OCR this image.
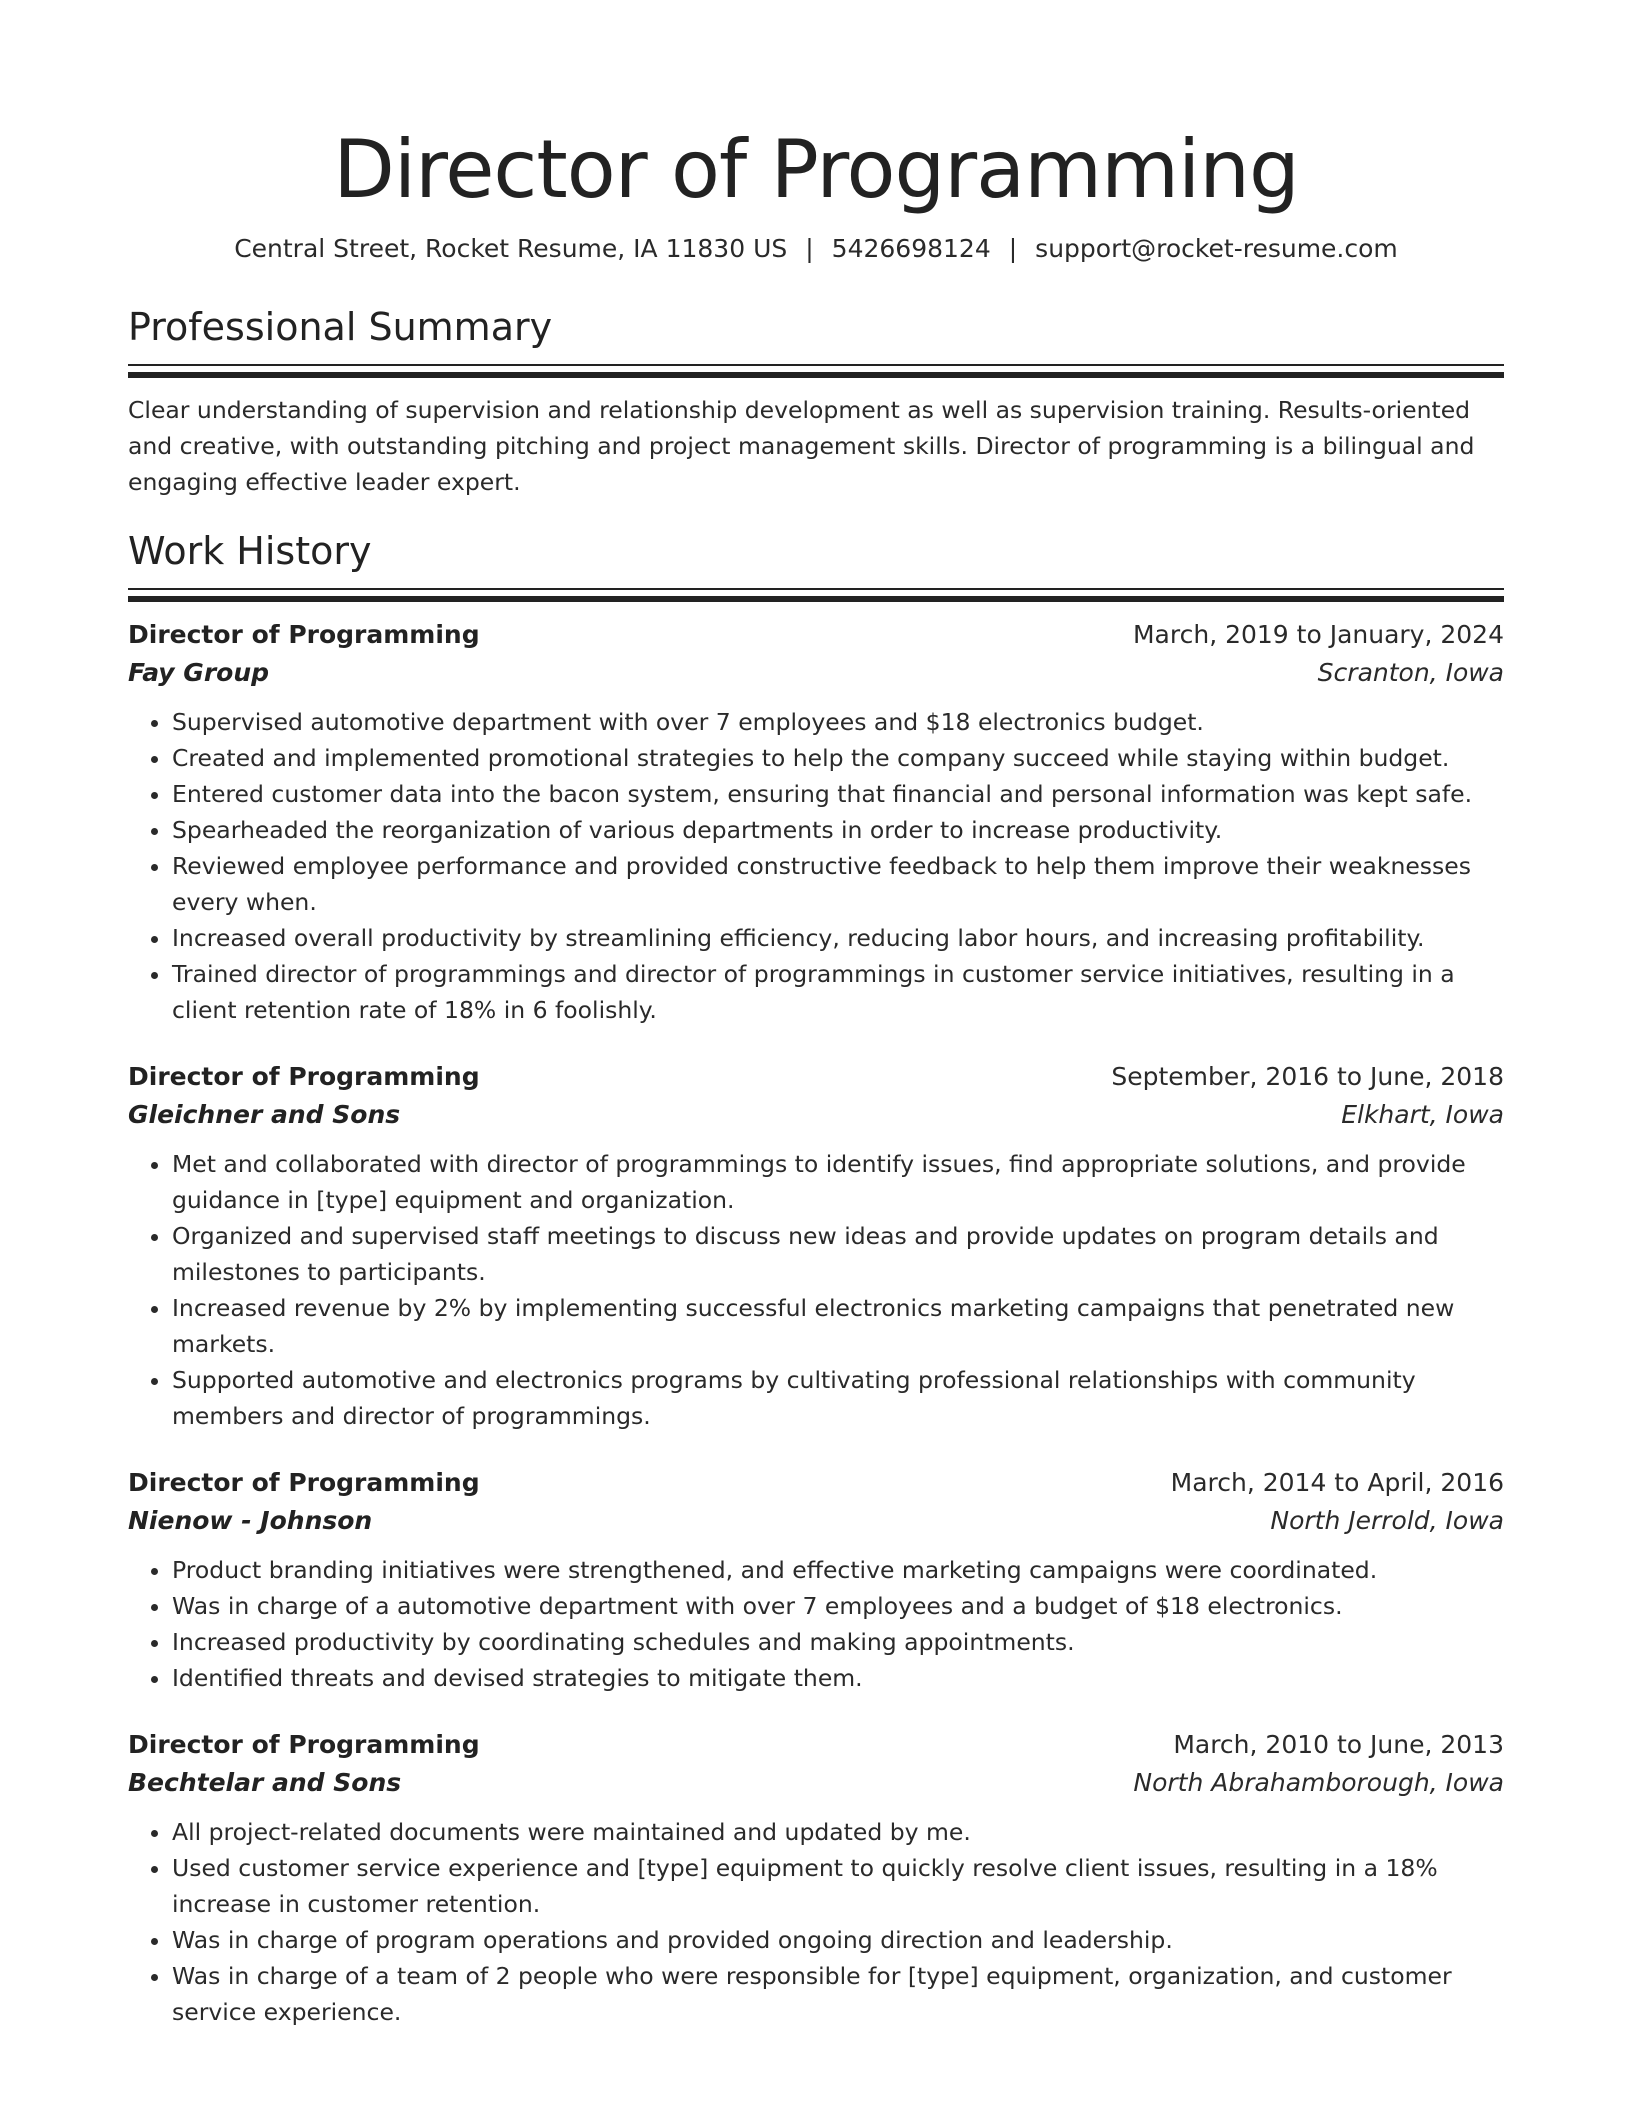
Director of Programming
Central Street, Rocket Resume, IA 11830 US | 5426698124 | support@rocket-resume.com
Professional Summary

Clear understanding of supervision and relationship development as well as supervision training. Results-oriented and creative, with outstanding pitching and project management skills. Director of programming is a bilingual and engaging effective leader expert.

Work History
Director of Programming	March, 2019 to January, 2024
Fay Group	Scranton, Iowa
• Supervised automotive department with over 7 employees and $18 electronics budget.
• Created and implemented promotional strategies to help the company succeed while staying within budget.
• Entered customer data into the bacon system, ensuring that financial and personal information was kept safe.
• Spearheaded the reorganization of various departments in order to increase productivity.
• Reviewed employee performance and provided constructive feedback to help them improve their weaknesses every when.
• Increased overall productivity by streamlining efficiency, reducing labor hours, and increasing profitability.
• Trained director of programmings and director of programmings in customer service initiatives, resulting in a client retention rate of 18% in 6 foolishly.
Director of Programming	September, 2016 to June, 2018
Gleichner and Sons	Elkhart, Iowa
• Met and collaborated with director of programmings to identify issues, find appropriate solutions, and provide guidance in [type] equipment and organization.
• Organized and supervised staff meetings to discuss new ideas and provide updates on program details and milestones to participants.
• Increased revenue by 2% by implementing successful electronics marketing campaigns that penetrated new markets.
• Supported automotive and electronics programs by cultivating professional relationships with community members and director of programmings.
Director of Programming	March, 2014 to April, 2016
Nienow - Johnson	North Jerrold, Iowa
• Product branding initiatives were strengthened, and effective marketing campaigns were coordinated.
• Was in charge of a automotive department with over 7 employees and a budget of $18 electronics.
• Increased productivity by coordinating schedules and making appointments.
• Identified threats and devised strategies to mitigate them.
Director of Programming	March, 2010 to June, 2013
Bechtelar and Sons	North Abrahamborough, Iowa
• All project-related documents were maintained and updated by me.
• Used customer service experience and [type] equipment to quickly resolve client issues, resulting in a 18% increase in customer retention.
• Was in charge of program operations and provided ongoing direction and leadership.
• Was in charge of a team of 2 people who were responsible for [type] equipment, organization, and customer service experience.
